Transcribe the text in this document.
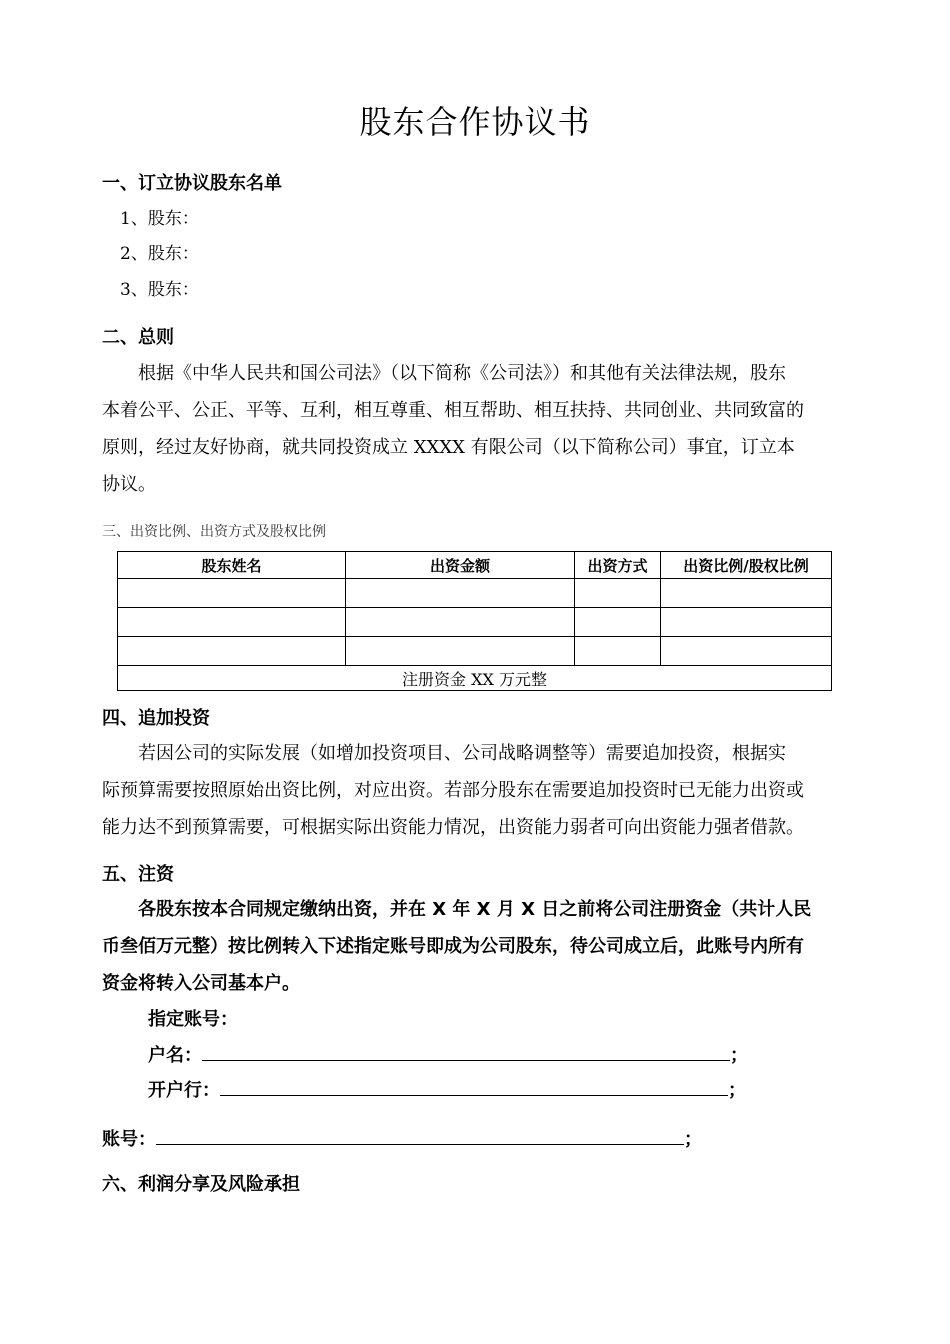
股东合作协议书
一、订立协议股东名单
1、股东：
2、股东：
3、股东：
二、总则
　　根据《中华人民共和国公司法》（以下简称《公司法》）和其他有关法律法规，股东
本着公平、公正、平等、互利，相互尊重、相互帮助、相互扶持、共同创业、共同致富的
原则，经过友好协商，就共同投资成立 XXXX 有限公司（以下简称公司）事宜，订立本
协议。
三、出资比例、出资方式及股权比例
股东姓名	出资金额	出资方式	出资比例/股权比例

注册资金 XX 万元整			
四、追加投资
　　若因公司的实际发展（如增加投资项目、公司战略调整等）需要追加投资，根据实
际预算需要按照原始出资比例，对应出资。若部分股东在需要追加投资时已无能力出资或
能力达不到预算需要，可根据实际出资能力情况，出资能力弱者可向出资能力强者借款。
五、注资
　　各股东按本合同规定缴纳出资，并在 X 年 X 月 X 日之前将公司注册资金（共计人民
币叁佰万元整）按比例转入下述指定账号即成为公司股东，待公司成立后，此账号内所有
资金将转入公司基本户。
指定账号：
户名：	；
开户行：	；
账号：	；
六、利润分享及风险承担
